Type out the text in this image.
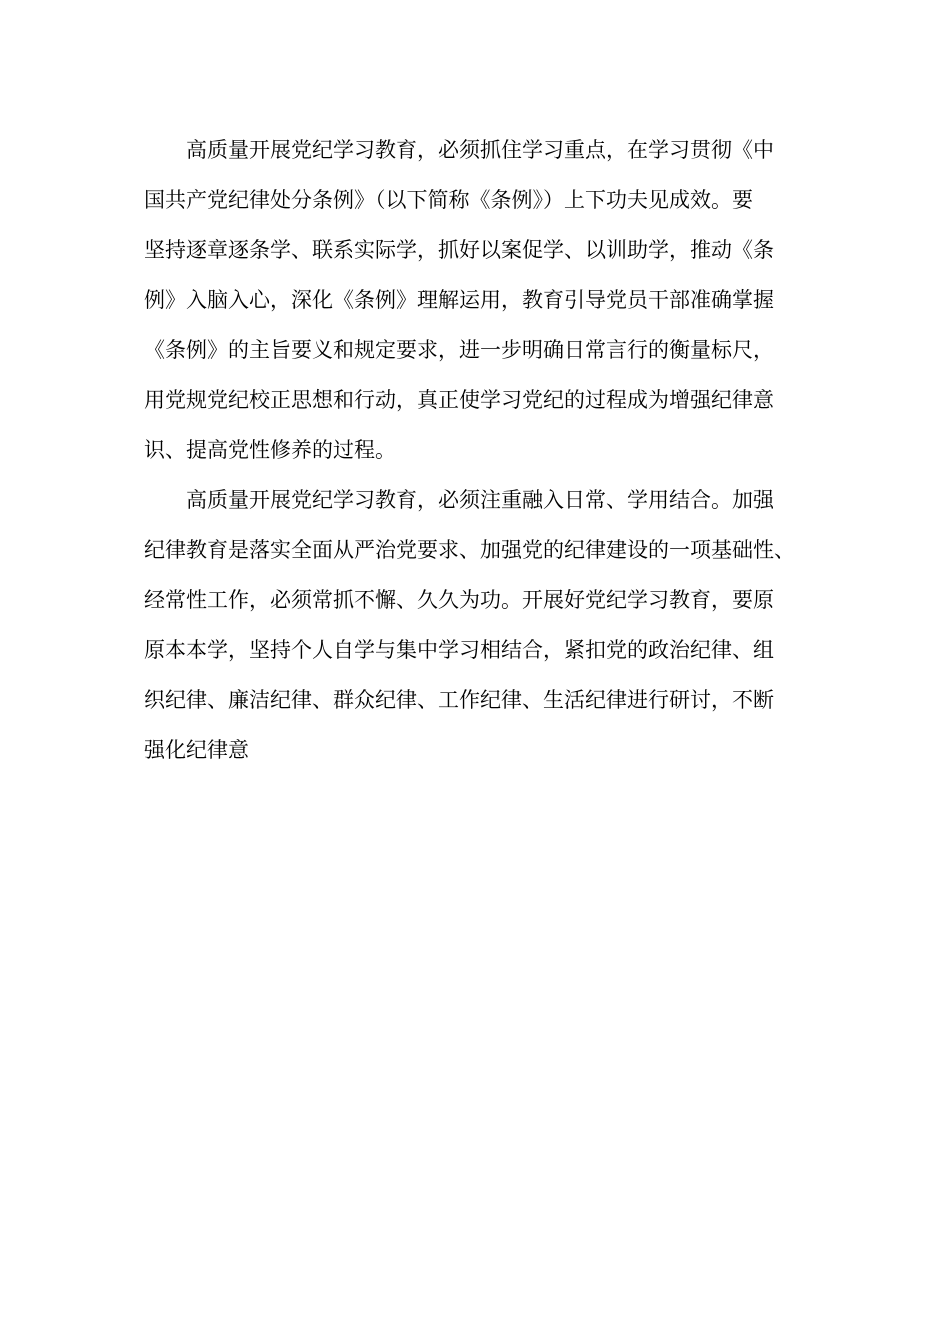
高质量开展党纪学习教育，必须抓住学习重点，在学习贯彻《中
国共产党纪律处分条例》（以下简称《条例》）上下功夫见成效。要
坚持逐章逐条学、联系实际学，抓好以案促学、以训助学，推动《条
例》入脑入心，深化《条例》理解运用，教育引导党员干部准确掌握
《条例》的主旨要义和规定要求，进一步明确日常言行的衡量标尺，
用党规党纪校正思想和行动，真正使学习党纪的过程成为增强纪律意
识、提高党性修养的过程。
高质量开展党纪学习教育，必须注重融入日常、学用结合。加强
纪律教育是落实全面从严治党要求、加强党的纪律建设的一项基础性、
经常性工作，必须常抓不懈、久久为功。开展好党纪学习教育，要原
原本本学，坚持个人自学与集中学习相结合，紧扣党的政治纪律、组
织纪律、廉洁纪律、群众纪律、工作纪律、生活纪律进行研讨，不断
强化纪律意
